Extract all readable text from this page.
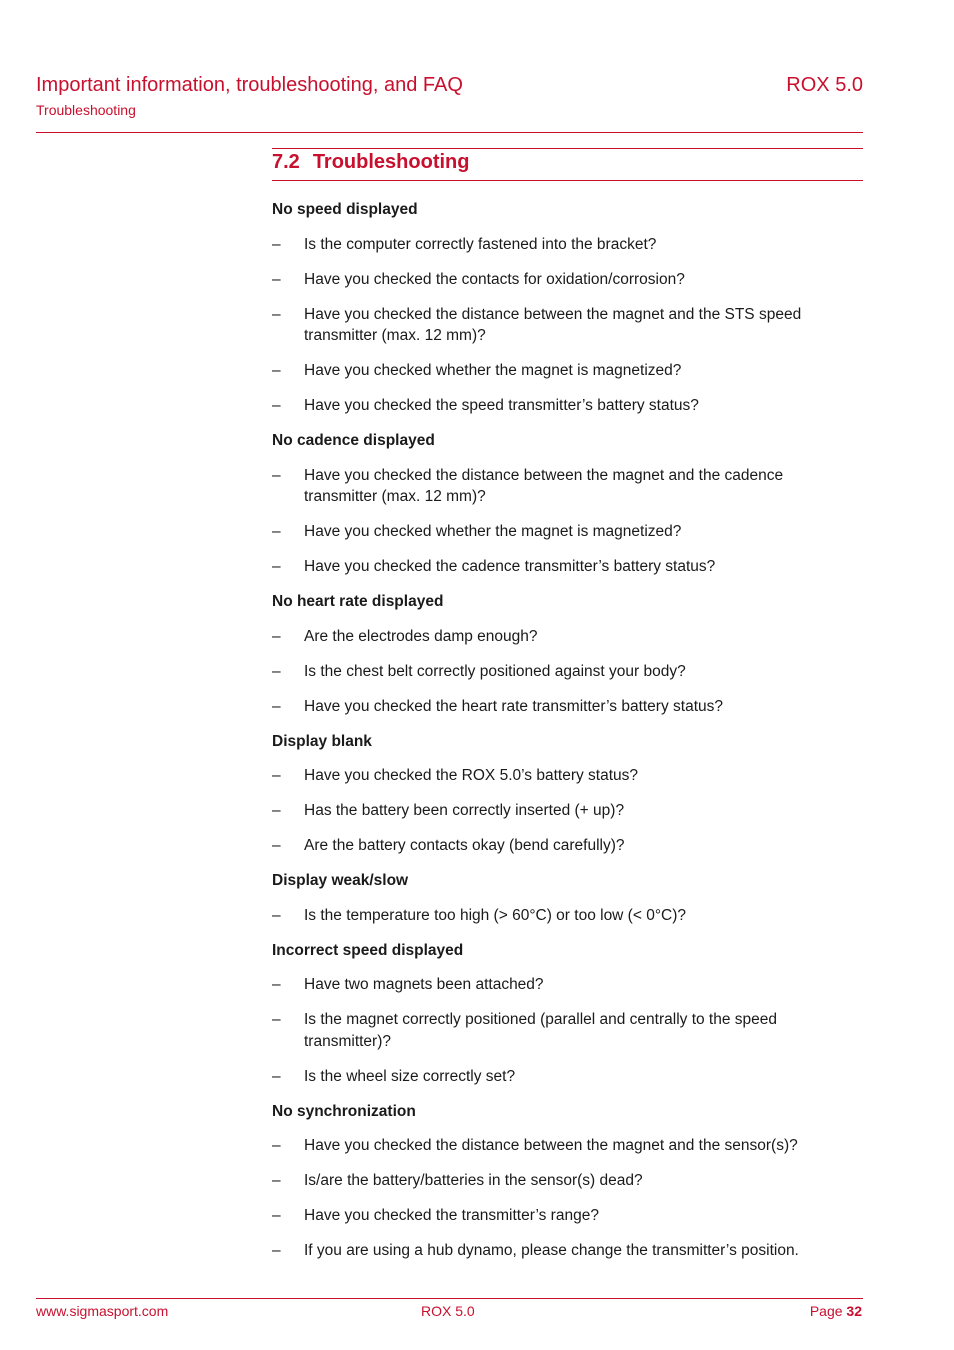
Important information, troubleshooting, and FAQ
Troubleshooting
ROX 5.0
7.2 Troubleshooting
No speed displayed
–	Is the computer correctly fastened into the bracket?
–	Have you checked the contacts for oxidation/corrosion?
–	Have you checked the distance between the magnet and the STS speed transmitter (max. 12 mm)?
–	Have you checked whether the magnet is magnetized?
–	Have you checked the speed transmitter’s battery status?
No cadence displayed
–	Have you checked the distance between the magnet and the cadence transmitter (max. 12 mm)?
–	Have you checked whether the magnet is magnetized?
–	Have you checked the cadence transmitter’s battery status?
No heart rate displayed
–	Are the electrodes damp enough?
–	Is the chest belt correctly positioned against your body?
–	Have you checked the heart rate transmitter’s battery status?
Display blank
–	Have you checked the ROX 5.0’s battery status?
–	Has the battery been correctly inserted (+ up)?
–	Are the battery contacts okay (bend carefully)?
Display weak/slow
–	Is the temperature too high (> 60°C) or too low (< 0°C)?
Incorrect speed displayed
–	Have two magnets been attached?
–	Is the magnet correctly positioned (parallel and centrally to the speed transmitter)?
–	Is the wheel size correctly set?
No synchronization
–	Have you checked the distance between the magnet and the sensor(s)?
–	Is/are the battery/batteries in the sensor(s) dead?
–	Have you checked the transmitter’s range?
–	If you are using a hub dynamo, please change the transmitter’s position.
www.sigmasport.com	ROX 5.0	Page 32
